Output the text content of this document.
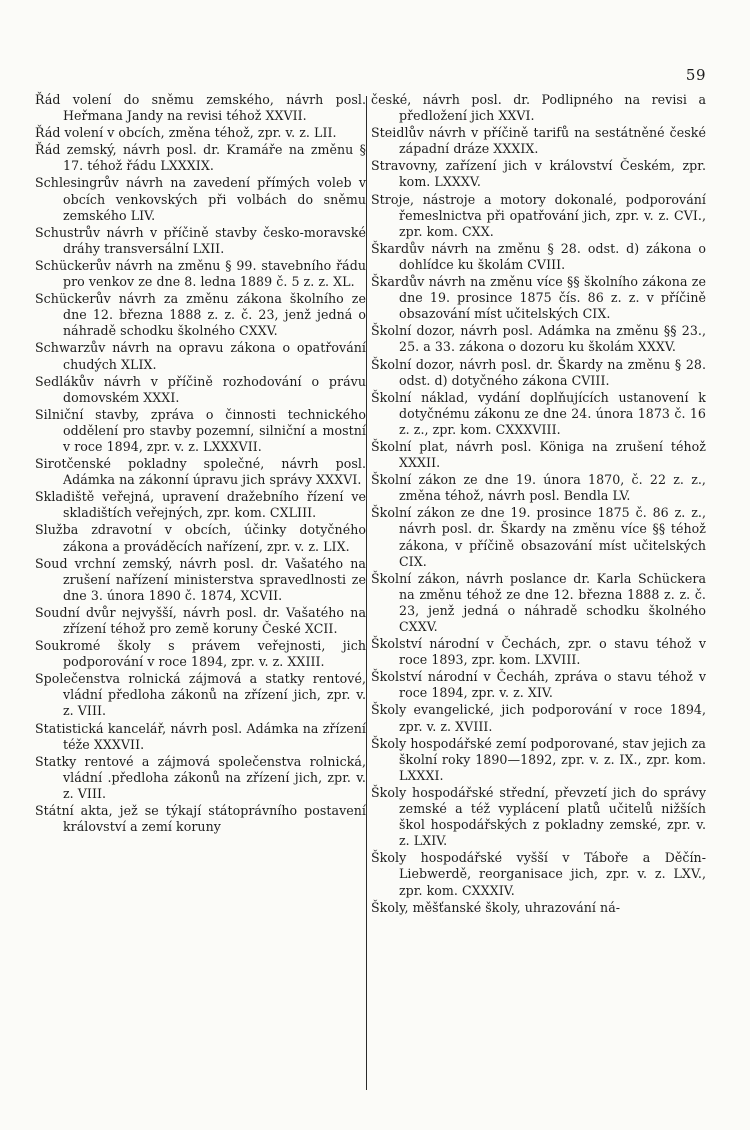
59

Řád volení do sněmu zemského, návrh posl. Heřmana Jandy na revisi téhož XXVII.

Řád volení v obcích, změna téhož, zpr. v. z. LII.

Řád zemský, návrh posl. dr. Kramáře na změnu § 17. téhož řádu LXXXIX.

Schlesingrův návrh na zavedení přímých voleb v obcích venkovských při volbách do sněmu zemského LIV.

Schustrův návrh v příčině stavby česko-moravské dráhy transversální LXII.

Schückerův návrh na změnu § 99. stavebního řádu pro venkov ze dne 8. ledna 1889 č. 5 z. z. XL.

Schückerův návrh za změnu zákona školního ze dne 12. března 1888 z. z. č. 23, jenž jedná o náhradě schodku školného CXXV.

Schwarzův návrh na opravu zákona o opatřování chudých XLIX.

Sedlákův návrh v příčině rozhodování o právu domovském XXXI.

Silniční stavby, zpráva o činnosti technického oddělení pro stavby pozemní, silniční a mostní v roce 1894, zpr. v. z. LXXXVII.

Sirotčenské pokladny společné, návrh posl. Adámka na zákonní úpravu jich správy XXXVI.

Skladiště veřejná, upravení dražebního řízení ve skladištích veřejných, zpr. kom. CXLIII.

Služba zdravotní v obcích, účinky dotyčného zákona a prováděcích nařízení, zpr. v. z. LIX.

Soud vrchní zemský, návrh posl. dr. Vašatého na zrušení nařízení ministerstva spravedlnosti ze dne 3. února 1890 č. 1874, XCVII.

Soudní dvůr nejvyšší, návrh posl. dr. Vašatého na zřízení téhož pro země koruny České XCII.

Soukromé školy s právem veřejnosti, jich podporování v roce 1894, zpr. v. z. XXIII.

Společenstva rolnická zájmová a statky rentové, vládní předloha zákonů na zřízení jich, zpr. v. z. VIII.

Statistická kancelář, návrh posl. Adámka na zřízení téže XXXVII.

Statky rentové a zájmová společenstva rolnická, vládní .předloha zákonů na zřízení jich, zpr. v. z. VIII.

Státní akta, jež se týkají státoprávního postavení království a zemí koruny

české, návrh posl. dr. Podlipného na revisi a předložení jich XXVI.

Steidlův návrh v příčině tarifů na sestátněné české západní dráze XXXIX.

Stravovny, zařízení jich v království Českém, zpr. kom. LXXXV.

Stroje, nástroje a motory dokonalé, podporování řemeslnictva při opatřování jich, zpr. v. z. CVI., zpr. kom. CXX.

Škardův návrh na změnu § 28. odst. d) zákona o dohlídce ku školám CVIII.

Škardův návrh na změnu více §§ školního zákona ze dne 19. prosince 1875 čís. 86 z. z. v příčině obsazování míst učitelských CIX.

Školní dozor, návrh posl. Adámka na změnu §§ 23., 25. a 33. zákona o dozoru ku školám XXXV.

Školní dozor, návrh posl. dr. Škardy na změnu § 28. odst. d) dotyčného zákona CVIII.

Školní náklad, vydání doplňujících ustanovení k dotyčnému zákonu ze dne 24. února 1873 č. 16 z. z., zpr. kom. CXXXVIII.

Školní plat, návrh posl. Königa na zrušení téhož XXXII.

Školní zákon ze dne 19. února 1870, č. 22 z. z., změna téhož, návrh posl. Bendla LV.

Školní zákon ze dne 19. prosince 1875 č. 86 z. z., návrh posl. dr. Škardy na změnu více §§ téhož zákona, v příčině obsazování míst učitelských CIX.

Školní zákon, návrh poslance dr. Karla Schückera na změnu téhož ze dne 12. března 1888 z. z. č. 23, jenž jedná o náhradě schodku školného CXXV.

Školství národní v Čechách, zpr. o stavu téhož v roce 1893, zpr. kom. LXVIII.

Školství národní v Čecháh, zpráva o stavu téhož v roce 1894, zpr. v. z. XIV.

Školy evangelické, jich podporování v roce 1894, zpr. v. z. XVIII.

Školy hospodářské zemí podporované, stav jejich za školní roky 1890—1892, zpr. v. z. IX., zpr. kom. LXXXI.

Školy hospodářské střední, převzetí jich do správy zemské a též vyplácení platů učitelů nižších škol hospodářských z pokladny zemské, zpr. v. z. LXIV.

Školy hospodářské vyšší v Táboře a Děčín-Liebwerdě, reorganisace jich, zpr. v. z. LXV., zpr. kom. CXXXIV.

Školy, měšťanské školy, uhrazování ná-
